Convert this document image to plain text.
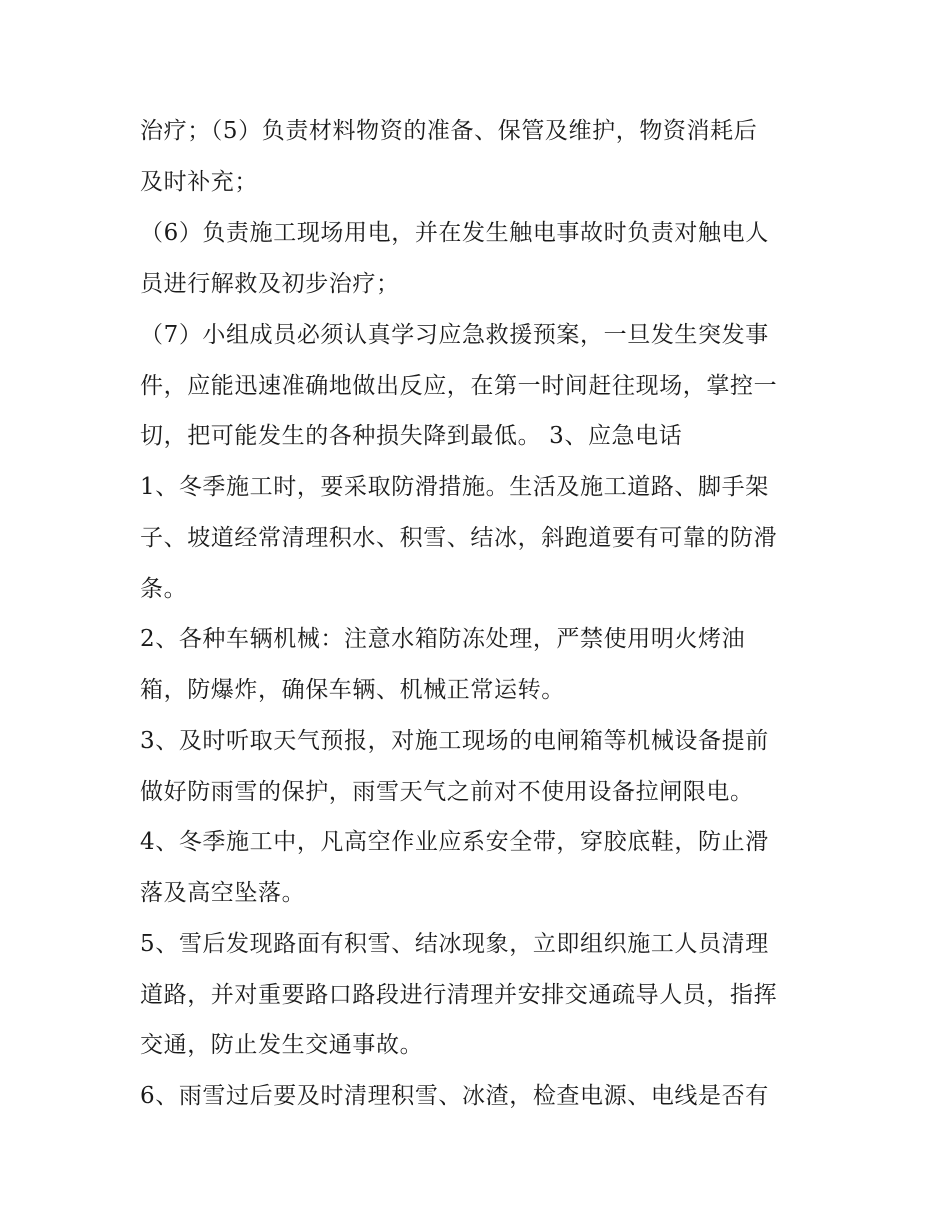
治疗；（5）负责材料物资的准备、保管及维护，物资消耗后
及时补充；
（6）负责施工现场用电，并在发生触电事故时负责对触电人
员进行解救及初步治疗；
（7）小组成员必须认真学习应急救援预案，一旦发生突发事
件，应能迅速准确地做出反应，在第一时间赶往现场，掌控一
切，把可能发生的各种损失降到最低。 3、应急电话
1、冬季施工时，要采取防滑措施。生活及施工道路、脚手架
子、坡道经常清理积水、积雪、结冰，斜跑道要有可靠的防滑
条。
2、各种车辆机械：注意水箱防冻处理，严禁使用明火烤油
箱，防爆炸，确保车辆、机械正常运转。
3、及时听取天气预报，对施工现场的电闸箱等机械设备提前
做好防雨雪的保护，雨雪天气之前对不使用设备拉闸限电。
4、冬季施工中，凡高空作业应系安全带，穿胶底鞋，防止滑
落及高空坠落。
5、雪后发现路面有积雪、结冰现象，立即组织施工人员清理
道路，并对重要路口路段进行清理并安排交通疏导人员，指挥
交通，防止发生交通事故。
6、雨雪过后要及时清理积雪、冰渣，检查电源、电线是否有
